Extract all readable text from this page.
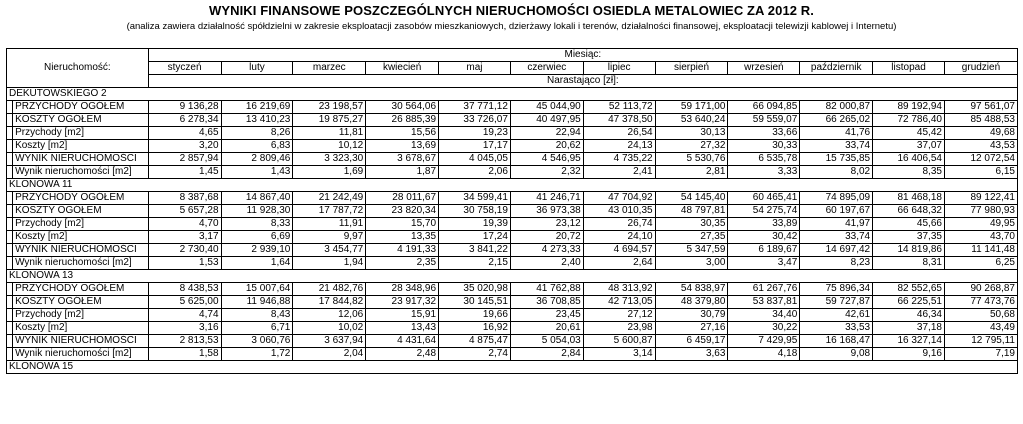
WYNIKI FINANSOWE POSZCZEGÓLNYCH NIERUCHOMOŚCI OSIEDLA METALOWIEC ZA 2012 R.
(analiza zawiera działalność spółdzielni w zakresie eksploatacji zasobów mieszkaniowych, dzierżawy lokali i terenów, działalności finansowej, eksploatacji telewizji kablowej i Internetu)
Nieruchomość:		Miesiąc:											
		styczeń	luty	marzec	kwiecień	maj	czerwiec	lipiec	sierpień	wrzesień	październik	listopad	grudzień
		Narastająco [zł]:											
DEKUTOWSKIEGO 2													
	PRZYCHODY OGÓŁEM	9 136,28	16 219,69	23 198,57	30 564,06	37 771,12	45 044,90	52 113,72	59 171,00	66 094,85	82 000,87	89 192,94	97 561,07
	KOSZTY OGÓŁEM	6 278,34	13 410,23	19 875,27	26 885,39	33 726,07	40 497,95	47 378,50	53 640,24	59 559,07	66 265,02	72 786,40	85 488,53
	Przychody [m2]	4,65	8,26	11,81	15,56	19,23	22,94	26,54	30,13	33,66	41,76	45,42	49,68
	Koszty [m2]	3,20	6,83	10,12	13,69	17,17	20,62	24,13	27,32	30,33	33,74	37,07	43,53
	WYNIK NIERUCHOMOŚCI	2 857,94	2 809,46	3 323,30	3 678,67	4 045,05	4 546,95	4 735,22	5 530,76	6 535,78	15 735,85	16 406,54	12 072,54
	Wynik nieruchomości [m2]	1,45	1,43	1,69	1,87	2,06	2,32	2,41	2,81	3,33	8,02	8,35	6,15
KLONOWA 11													
	PRZYCHODY OGÓŁEM	8 387,68	14 867,40	21 242,49	28 011,67	34 599,41	41 246,71	47 704,92	54 145,40	60 465,41	74 895,09	81 468,18	89 122,41
	KOSZTY OGÓŁEM	5 657,28	11 928,30	17 787,72	23 820,34	30 758,19	36 973,38	43 010,35	48 797,81	54 275,74	60 197,67	66 648,32	77 980,93
	Przychody [m2]	4,70	8,33	11,91	15,70	19,39	23,12	26,74	30,35	33,89	41,97	45,66	49,95
	Koszty [m2]	3,17	6,69	9,97	13,35	17,24	20,72	24,10	27,35	30,42	33,74	37,35	43,70
	WYNIK NIERUCHOMOŚCI	2 730,40	2 939,10	3 454,77	4 191,33	3 841,22	4 273,33	4 694,57	5 347,59	6 189,67	14 697,42	14 819,86	11 141,48
	Wynik nieruchomości [m2]	1,53	1,64	1,94	2,35	2,15	2,40	2,64	3,00	3,47	8,23	8,31	6,25
KLONOWA 13													
	PRZYCHODY OGÓŁEM	8 438,53	15 007,64	21 482,76	28 348,96	35 020,98	41 762,88	48 313,92	54 838,97	61 267,76	75 896,34	82 552,65	90 268,87
	KOSZTY OGÓŁEM	5 625,00	11 946,88	17 844,82	23 917,32	30 145,51	36 708,85	42 713,05	48 379,80	53 837,81	59 727,87	66 225,51	77 473,76
	Przychody [m2]	4,74	8,43	12,06	15,91	19,66	23,45	27,12	30,79	34,40	42,61	46,34	50,68
	Koszty [m2]	3,16	6,71	10,02	13,43	16,92	20,61	23,98	27,16	30,22	33,53	37,18	43,49
	WYNIK NIERUCHOMOŚCI	2 813,53	3 060,76	3 637,94	4 431,64	4 875,47	5 054,03	5 600,87	6 459,17	7 429,95	16 168,47	16 327,14	12 795,11
	Wynik nieruchomości [m2]	1,58	1,72	2,04	2,48	2,74	2,84	3,14	3,63	4,18	9,08	9,16	7,19
KLONOWA 15													
